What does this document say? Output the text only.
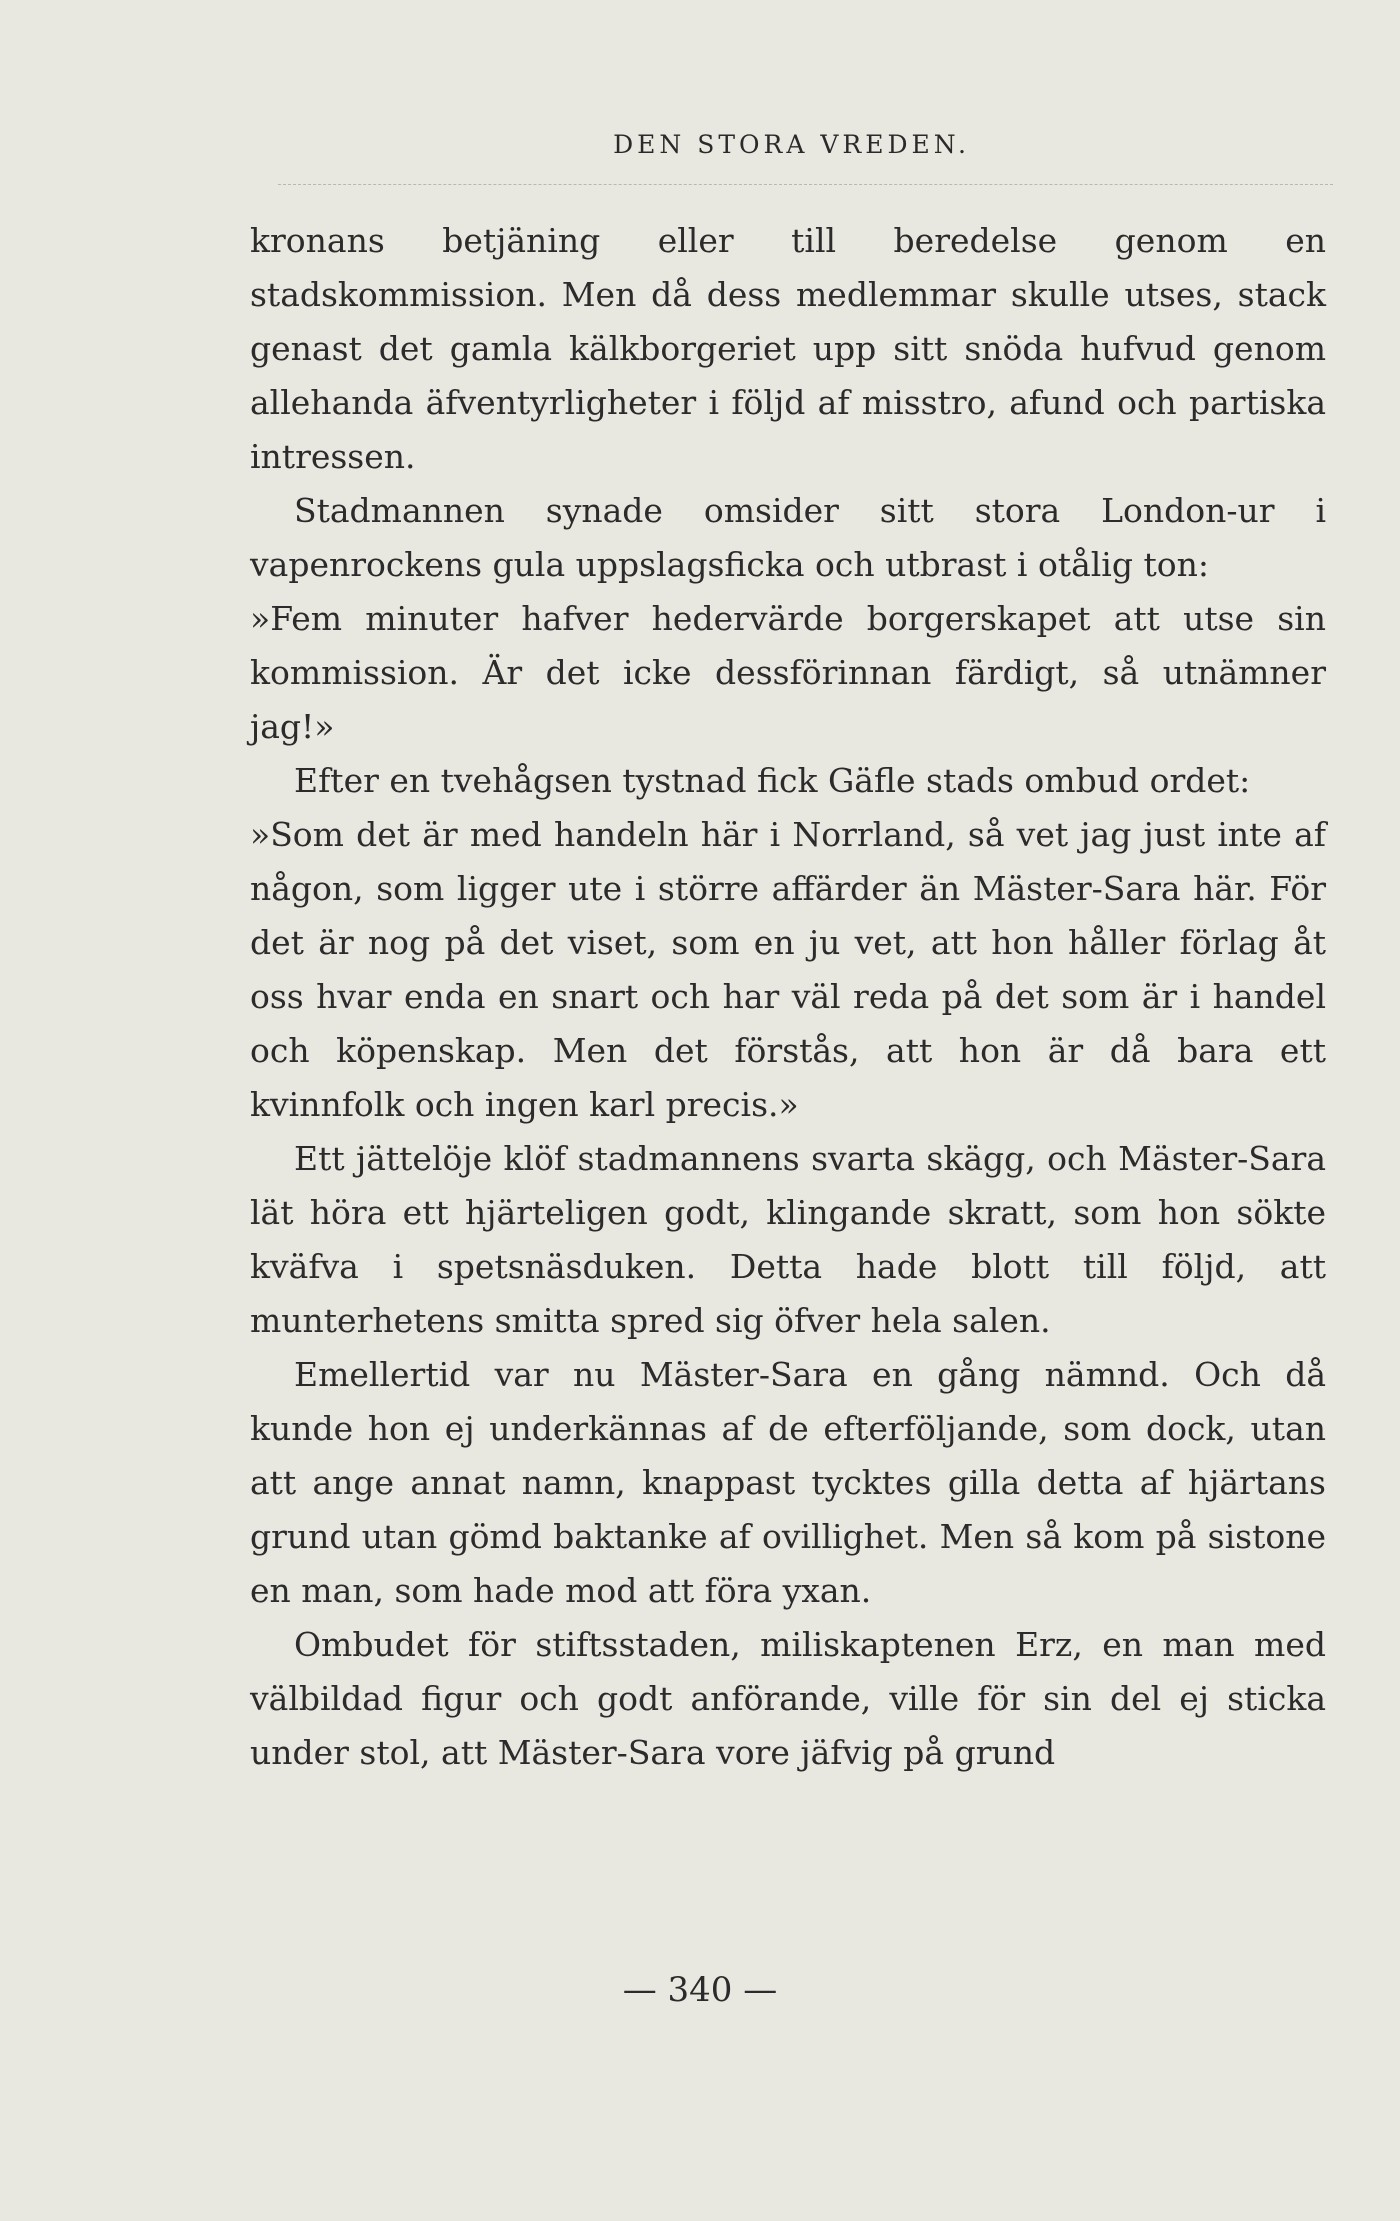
DEN STORA VREDEN.

kronans betjäning eller till beredelse genom en stadskommission. Men då dess medlemmar skulle utses, stack genast det gamla kälkborgeriet upp sitt snöda hufvud genom allehanda äfventyrligheter i följd af misstro, afund och partiska intressen.

Stadmannen synade omsider sitt stora London-ur i vapenrockens gula uppslagsficka och utbrast i otålig ton:

»Fem minuter hafver hedervärde borgerskapet att utse sin kommission. Är det icke dessförinnan färdigt, så utnämner jag!»

Efter en tvehågsen tystnad fick Gäfle stads ombud ordet:

»Som det är med handeln här i Norrland, så vet jag just inte af någon, som ligger ute i större affärder än Mäster-Sara här. För det är nog på det viset, som en ju vet, att hon håller förlag åt oss hvar enda en snart och har väl reda på det som är i handel och köpenskap. Men det förstås, att hon är då bara ett kvinnfolk och ingen karl precis.»

Ett jättelöje klöf stadmannens svarta skägg, och Mäster-Sara lät höra ett hjärteligen godt, klingande skratt, som hon sökte kväfva i spetsnäsduken. Detta hade blott till följd, att munterhetens smitta spred sig öfver hela salen.

Emellertid var nu Mäster-Sara en gång nämnd. Och då kunde hon ej underkännas af de efterföljande, som dock, utan att ange annat namn, knappast tycktes gilla detta af hjärtans grund utan gömd baktanke af ovillighet. Men så kom på sistone en man, som hade mod att föra yxan.

Ombudet för stiftsstaden, miliskaptenen Erz, en man med välbildad figur och godt anförande, ville för sin del ej sticka under stol, att Mäster-Sara vore jäfvig på grund

— 340 —
